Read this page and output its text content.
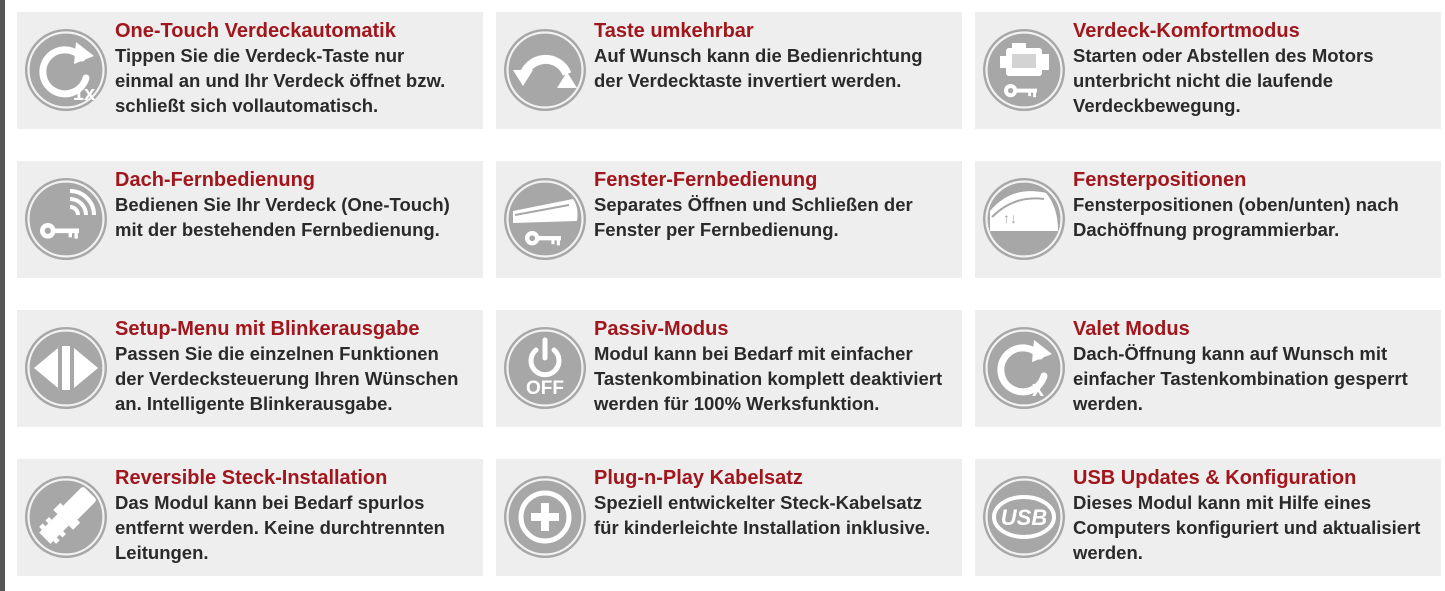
1x
One-Touch Verdeckautomatik
Tippen Sie die Verdeck-Taste nur
einmal an und Ihr Verdeck öffnet bzw.
schließt sich vollautomatisch.
Taste umkehrbar
Auf Wunsch kann die Bedienrichtung
der Verdecktaste invertiert werden.
Verdeck-Komfortmodus
Starten oder Abstellen des Motors
unterbricht nicht die laufende
Verdeckbewegung.
Dach-Fernbedienung
Bedienen Sie Ihr Verdeck (One-Touch)
mit der bestehenden Fernbedienung.
Fenster-Fernbedienung
Separates Öffnen und Schließen der
Fenster per Fernbedienung.
↑↓
Fensterpositionen
Fensterpositionen (oben/unten) nach
Dachöffnung programmierbar.
Setup-Menu mit Blinkerausgabe
Passen Sie die einzelnen Funktionen
der Verdecksteuerung Ihren Wünschen
an. Intelligente Blinkerausgabe.
OFF
Passiv-Modus
Modul kann bei Bedarf mit einfacher
Tastenkombination komplett deaktiviert
werden für 100% Werksfunktion.
x
Valet Modus
Dach-Öffnung kann auf Wunsch mit
einfacher Tastenkombination gesperrt
werden.
Reversible Steck-Installation
Das Modul kann bei Bedarf spurlos
entfernt werden. Keine durchtrennten
Leitungen.
Plug-n-Play Kabelsatz
Speziell entwickelter Steck-Kabelsatz
für kinderleichte Installation inklusive.	USB
USB Updates & Konfiguration
Dieses Modul kann mit Hilfe eines
Computers konfiguriert und aktualisiert
werden.
